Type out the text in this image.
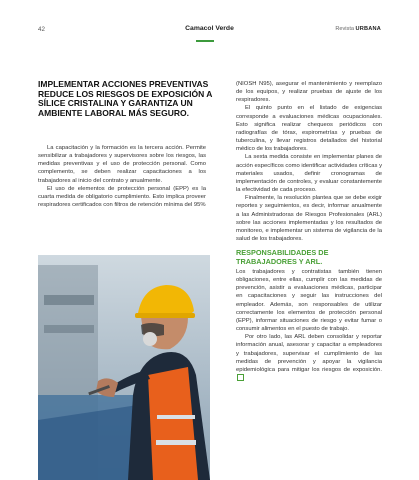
42	Camacol Verde	Revista URBANA
IMPLEMENTAR ACCIONES PREVENTIVAS REDUCE LOS RIESGOS DE EXPOSICIÓN A SÍLICE CRISTALINA Y GARANTIZA UN AMBIENTE LABORAL MÁS SEGURO.

La capacitación y la formación es la tercera acción. Permite sensibilizar a trabajadores y supervisores sobre los riesgos, las medidas preventivas y el uso de protección personal. Como complemento, se deben realizar capacitaciones a los trabajadores al inicio del contrato y anualmente.

El uso de elementos de protección personal (EPP) es la cuarta medida de obligatorio cumplimiento. Esto implica proveer respiradores certificados con filtros de retención mínima del 95%

(NIOSH N95), asegurar el mantenimiento y reemplazo de los equipos, y realizar pruebas de ajuste de los respiradores.

El quinto punto en el listado de exigencias corresponde a evaluaciones médicas ocupacionales. Esto significa realizar chequeos periódicos con radiografías de tórax, espirometrías y pruebas de tuberculina, y llevar registros detallados del historial médico de los trabajadores.

La sexta medida consiste en implementar planes de acción específicos como identificar actividades críticas y materiales usados, definir cronogramas de implementación de controles, y evaluar constantemente la efectividad de cada proceso.

Finalmente, la resolución plantea que se debe exigir reportes y seguimientos, es decir, informar anualmente a las Administradoras de Riesgos Profesionales (ARL) sobre las acciones implementadas y los resultados de monitoreo, e implementar un sistema de vigilancia de la salud de los trabajadores.

RESPONSABILIDADES DE TRABAJADORES Y ARL.

Los trabajadores y contratistas también tienen obligaciones, entre ellas, cumplir con las medidas de prevención, asistir a evaluaciones médicas, participar en capacitaciones y seguir las instrucciones del empleador. Además, son responsables de utilizar correctamente los elementos de protección personal (EPP), informar situaciones de riesgo y evitar fumar o consumir alimentos en el puesto de trabajo.

Por otro lado, las ARL deben consolidar y reportar información anual, asesorar y capacitar a empleadores y trabajadores, supervisar el cumplimiento de las medidas de prevención y apoyar la vigilancia epidemiológica para mitigar los riesgos de exposición.
